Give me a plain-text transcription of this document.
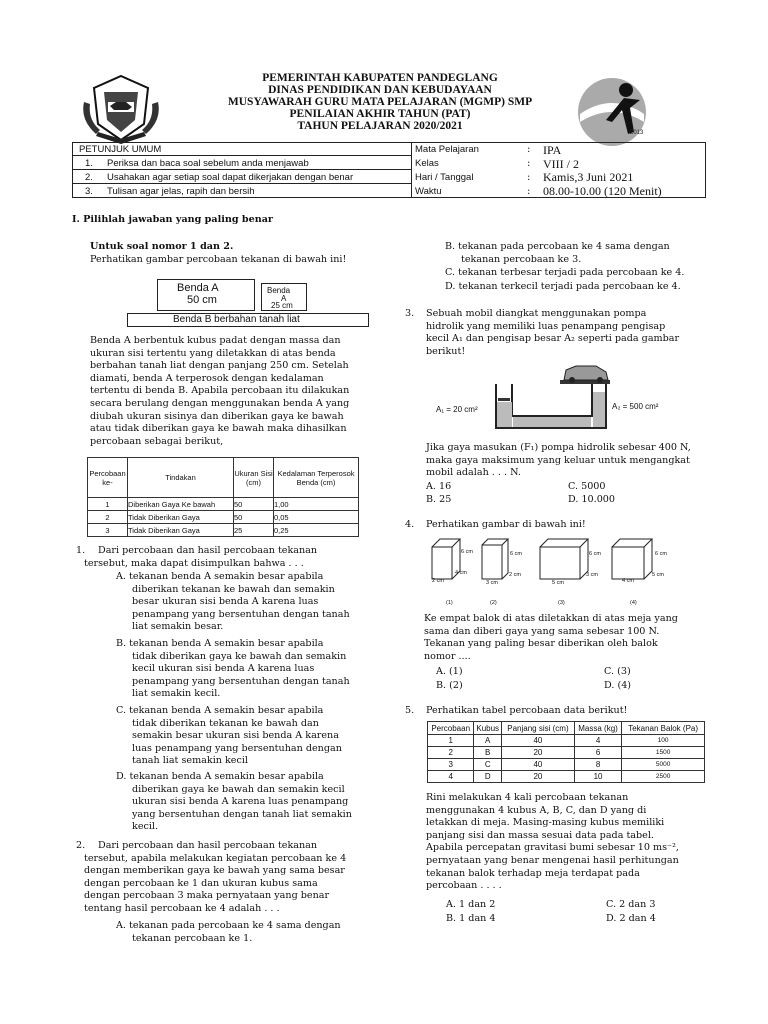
2013
PEMERINTAH KABUPATEN PANDEGLANG
DINAS PENDIDIKAN DAN KEBUDAYAAN
MUSYAWARAH GURU MATA PELAJARAN (MGMP) SMP
PENILAIAN AKHIR TAHUN (PAT)
TAHUN PELAJARAN 2020/2021
PETUNJUK UMUM
1. Periksa dan baca soal sebelum anda menjawab
2. Usahakan agar setiap soal dapat dikerjakan dengan benar
3. Tulisan agar jelas, rapih dan bersih
Mata Pelajaran	: IPA
Kelas	: VIII / 2
Hari / Tanggal	: Kamis,3 Juni 2021
Waktu	: 08.00-10.00 (120 Menit)
I. Pilihlah jawaban yang paling benar
Untuk soal nomor 1 dan 2.
Perhatikan gambar percobaan tekanan di bawah ini!
Benda A
50 cm
Benda
A
25 cm
Benda B berbahan tanah liat
Benda A berbentuk kubus padat dengan massa dan
ukuran sisi tertentu yang diletakkan di atas benda
berbahan tanah liat dengan panjang 250 cm. Setelah
diamati, benda A terperosok dengan kedalaman
tertentu di benda B. Apabila percobaan itu dilakukan
secara berulang dengan menggunakan benda A yang
diubah ukuran sisinya dan diberikan gaya ke bawah
atau tidak diberikan gaya ke bawah maka dihasilkan
percobaan sebagai berikut,
Percobaan ke-	Tindakan	Ukuran Sisi (cm)	Kedalaman Terperosok Benda (cm)
1	Diberikan Gaya Ke bawah	50	1,00
2	Tidak Diberikan Gaya	50	0,05
3	Tidak Diberikan Gaya	25	0,25
1. Dari percobaan dan hasil percobaan tekanan
tersebut, maka dapat disimpulkan bahwa . . .
A. tekanan benda A semakin besar apabila
diberikan tekanan ke bawah dan semakin
besar ukuran sisi benda A karena luas
penampang yang bersentuhan dengan tanah
liat semakin besar.
B. tekanan benda A semakin besar apabila
tidak diberikan gaya ke bawah dan semakin
kecil ukuran sisi benda A karena luas
penampang yang bersentuhan dengan tanah
liat semakin kecil.
C. tekanan benda A semakin besar apabila
tidak diberikan tekanan ke bawah dan
semakin besar ukuran sisi benda A karena
luas penampang yang bersentuhan dengan
tanah liat semakin kecil
D. tekanan benda A semakin besar apabila
diberikan gaya ke bawah dan semakin kecil
ukuran sisi benda A karena luas penampang
yang bersentuhan dengan tanah liat semakin
kecil.
2. Dari percobaan dan hasil percobaan tekanan
tersebut, apabila melakukan kegiatan percobaan ke 4
dengan memberikan gaya ke bawah yang sama besar
dengan percobaan ke 1 dan ukuran kubus sama
dengan percobaan 3 maka pernyataan yang benar
tentang hasil percobaan ke 4 adalah . . .
A. tekanan pada percobaan ke 4 sama dengan
tekanan percobaan ke 1.
B. tekanan pada percobaan ke 4 sama dengan
tekanan percobaan ke 3.
C. tekanan terbesar terjadi pada percobaan ke 4.
D. tekanan terkecil terjadi pada percobaan ke 4.
3. Sebuah mobil diangkat menggunakan pompa
hidrolik yang memiliki luas penampang pengisap
kecil A₁ dan pengisap besar A₂ seperti pada gambar
berikut!
A₁ = 20 cm²	A₂ = 500 cm²
Jika gaya masukan (F₁) pompa hidrolik sebesar 400 N,
maka gaya maksimum yang keluar untuk mengangkat
mobil adalah . . . N.
A. 16	C. 5000
B. 25	D. 10.000
4. Perhatikan gambar di bawah ini!
6 cm
4 cm
2 cm
(1)
6 cm
2 cm
3 cm
(2)
6 cm
3 cm
5 cm
(3)
6 cm
5 cm
4 cm
(4)
Ke empat balok di atas diletakkan di atas meja yang
sama dan diberi gaya yang sama sebesar 100 N.
Tekanan yang paling besar diberikan oleh balok
nomor ....
A. (1)	C. (3)
B. (2)	D. (4)
5. Perhatikan tabel percobaan data berikut!
Percobaan	Kubus	Panjang sisi (cm)	Massa (kg)	Tekanan Balok (Pa)
1	A	40	4	100
2	B	20	6	1500
3	C	40	8	5000
4	D	20	10	2500
Rini melakukan 4 kali percobaan tekanan
menggunakan 4 kubus A, B, C, dan D yang di
letakkan di meja. Masing-masing kubus memiliki
panjang sisi dan massa sesuai data pada tabel.
Apabila percepatan gravitasi bumi sebesar 10 ms⁻²,
pernyataan yang benar mengenai hasil perhitungan
tekanan balok terhadap meja terdapat pada
percobaan . . . .
A. 1 dan 2	C. 2 dan 3
B. 1 dan 4	D. 2 dan 4
